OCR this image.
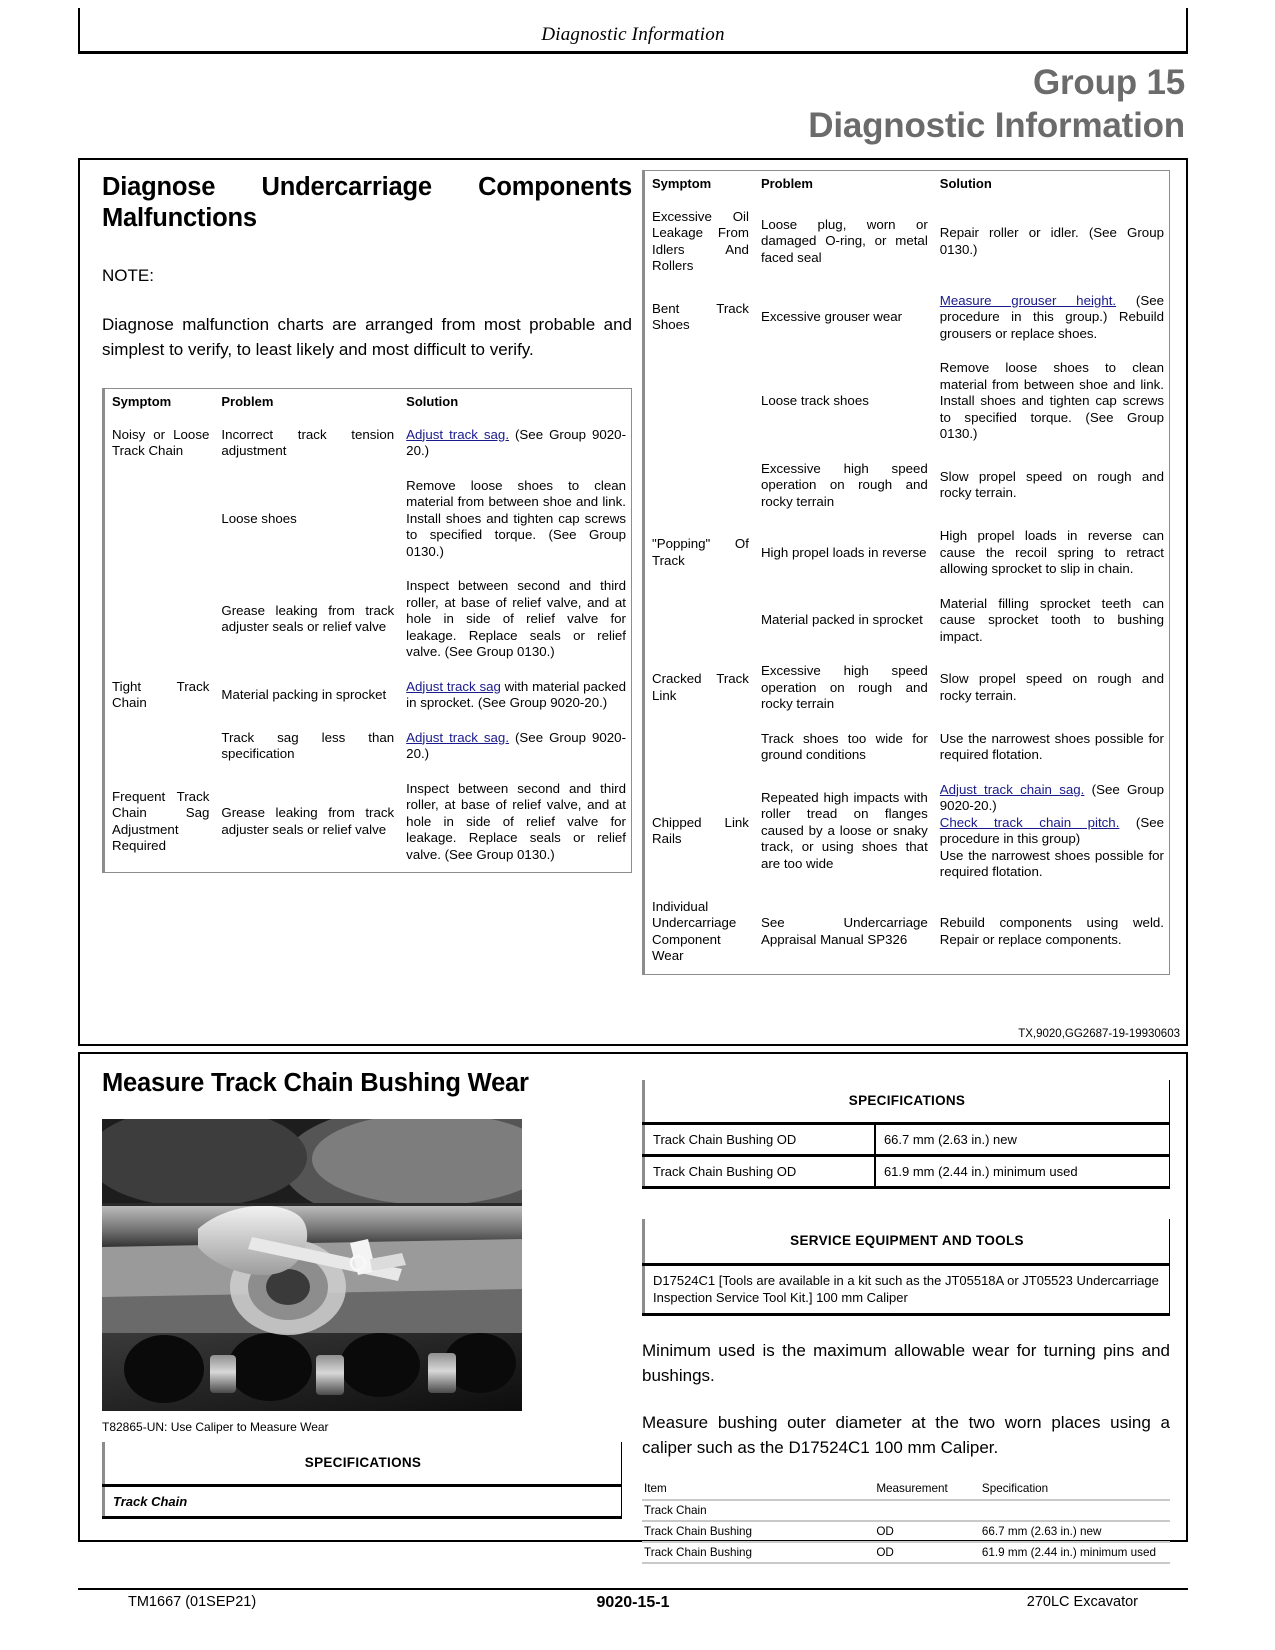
Diagnostic Information
Group 15
Diagnostic Information
Diagnose Undercarriage Components Malfunctions
NOTE:
Diagnose malfunction charts are arranged from most probable and simplest to verify, to least likely and most difficult to verify.
Symptom	Problem	Solution
Noisy or Loose Track Chain	Incorrect track tension adjustment	Adjust track sag. (See Group 9020-20.)
	Loose shoes	Remove loose shoes to clean material from between shoe and link. Install shoes and tighten cap screws to specified torque. (See Group 0130.)
	Grease leaking from track adjuster seals or relief valve	Inspect between second and third roller, at base of relief valve, and at hole in side of relief valve for leakage. Replace seals or relief valve. (See Group 0130.)
Tight Track Chain	Material packing in sprocket	Adjust track sag with material packed in sprocket. (See Group 9020-20.)
	Track sag less than specification	Adjust track sag. (See Group 9020-20.)
Frequent Track Chain Sag Adjustment Required	Grease leaking from track adjuster seals or relief valve	Inspect between second and third roller, at base of relief valve, and at hole in side of relief valve for leakage. Replace seals or relief valve. (See Group 0130.)
Symptom	Problem	Solution
Excessive Oil Leakage From Idlers And Rollers	Loose plug, worn or damaged O-ring, or metal faced seal	Repair roller or idler. (See Group 0130.)
Bent Track Shoes	Excessive grouser wear	Measure grouser height. (See procedure in this group.) Rebuild grousers or replace shoes.
	Loose track shoes	Remove loose shoes to clean material from between shoe and link. Install shoes and tighten cap screws to specified torque. (See Group 0130.)
	Excessive high speed operation on rough and rocky terrain	Slow propel speed on rough and rocky terrain.
"Popping" Of Track	High propel loads in reverse	High propel loads in reverse can cause the recoil spring to retract allowing sprocket to slip in chain.
	Material packed in sprocket	Material filling sprocket teeth can cause sprocket tooth to bushing impact.
Cracked Track Link	Excessive high speed operation on rough and rocky terrain	Slow propel speed on rough and rocky terrain.
	Track shoes too wide for ground conditions	Use the narrowest shoes possible for required flotation.
Chipped Link Rails	Repeated high impacts with roller tread on flanges caused by a loose or snaky track, or using shoes that are too wide	Adjust track chain sag. (See Group 9020-20.)
Check track chain pitch. (See procedure in this group)
Use the narrowest shoes possible for required flotation.
Individual Undercarriage Component Wear	See Undercarriage Appraisal Manual SP326	Rebuild components using weld. Repair or replace components.
TX,9020,GG2687-19-19930603
Measure Track Chain Bushing Wear
T82865-UN: Use Caliper to Measure Wear
SPECIFICATIONS
Track Chain
SPECIFICATIONS	
Track Chain Bushing OD	66.7 mm (2.63 in.) new
Track Chain Bushing OD	61.9 mm (2.44 in.) minimum used
SERVICE EQUIPMENT AND TOOLS
D17524C1 [Tools are available in a kit such as the JT05518A or JT05523 Undercarriage Inspection Service Tool Kit.] 100 mm Caliper
Minimum used is the maximum allowable wear for turning pins and bushings.
Measure bushing outer diameter at the two worn places using a caliper such as the D17524C1 100 mm Caliper.
Item	Measurement	Specification
Track Chain		
Track Chain Bushing	OD	66.7 mm (2.63 in.) new
Track Chain Bushing	OD	61.9 mm (2.44 in.) minimum used
TM1667 (01SEP21)	9020-15-1	270LC Excavator
